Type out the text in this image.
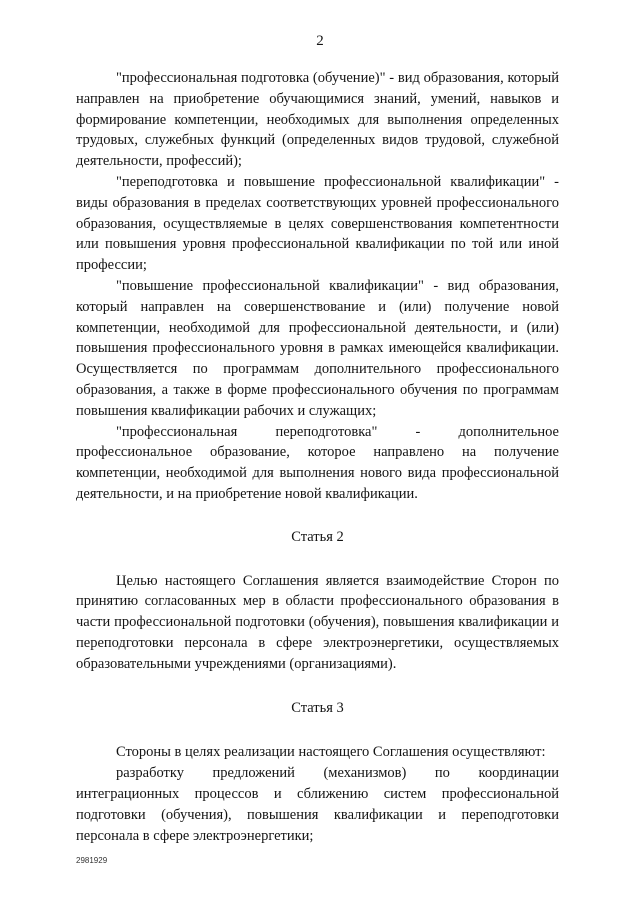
2

"профессиональная подготовка (обучение)" - вид образования, который направлен на приобретение обучающимися знаний, умений, навыков и формирование компетенции, необходимых для выполнения определенных трудовых, служебных функций (определенных видов трудовой, служебной деятельности, профессий);

"переподготовка и повышение профессиональной квалификации" - виды образования в пределах соответствующих уровней профессионального образования, осуществляемые в целях совершенствования компетентности или повышения уровня профессиональной квалификации по той или иной профессии;

"повышение профессиональной квалификации" - вид образования, который направлен на совершенствование и (или) получение новой компетенции, необходимой для профессиональной деятельности, и (или) повышения профессионального уровня в рамках имеющейся квалификации. Осуществляется по программам дополнительного профессионального образования, а также в форме профессионального обучения по программам повышения квалификации рабочих и служащих;

"профессиональная переподготовка" - дополнительное профессиональное образование, которое направлено на получение компетенции, необходимой для выполнения нового вида профессиональной деятельности, и на приобретение новой квалификации.

Статья 2

Целью настоящего Соглашения является взаимодействие Сторон по принятию согласованных мер в области профессионального образования в части профессиональной подготовки (обучения), повышения квалификации и переподготовки персонала в сфере электроэнергетики, осуществляемых образовательными учреждениями (организациями).

Статья 3

Стороны в целях реализации настоящего Соглашения осуществляют:

разработку предложений (механизмов) по координации интеграционных процессов и сближению систем профессиональной подготовки (обучения), повышения квалификации и переподготовки персонала в сфере электроэнергетики;

2981929
